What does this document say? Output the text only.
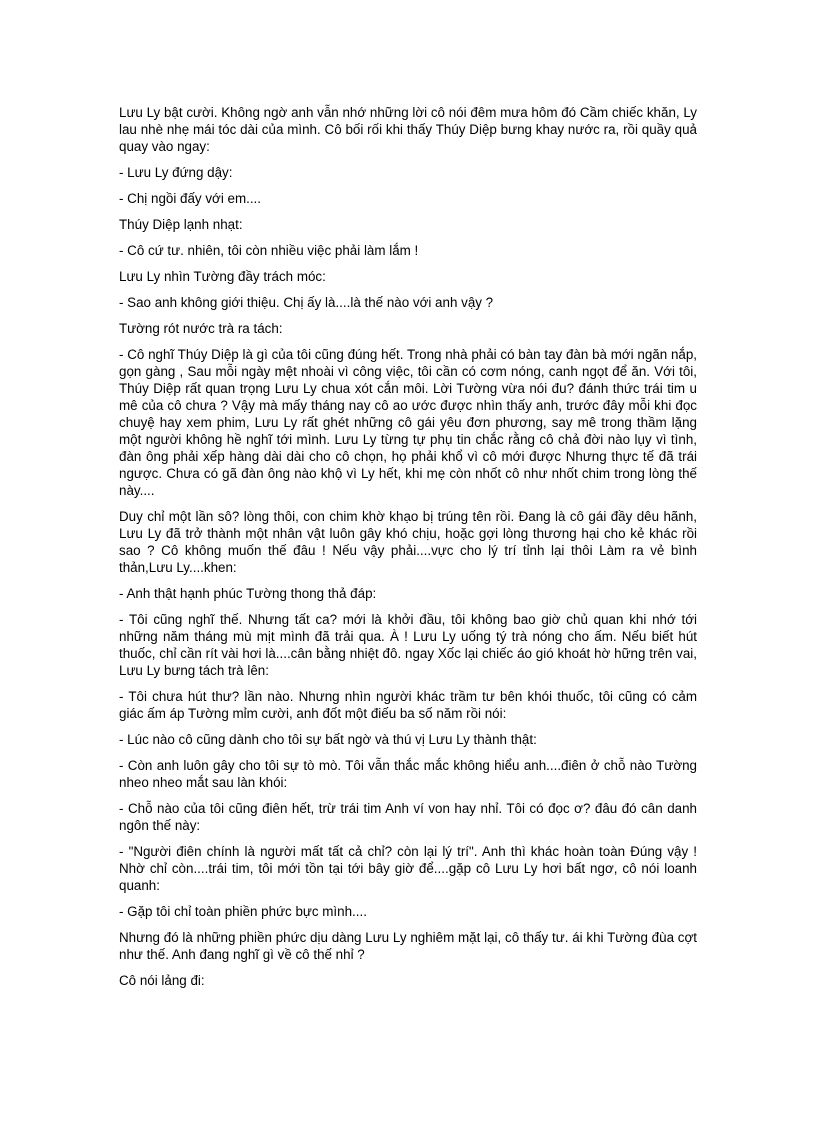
Lưu Ly bật cười. Không ngờ anh vẫn nhớ những lời cô nói đêm mưa hôm đó Cầm chiếc khăn, Ly lau nhè nhẹ mái tóc dài của mình. Cô bối rối khi thấy Thúy Diệp bưng khay nước ra, rồi quầy quả quay vào ngay:

- Lưu Ly đứng dậy:

- Chị ngồi đấy với em....

Thúy Diệp lạnh nhạt:

- Cô cứ tư. nhiên, tôi còn nhiều việc phải làm lắm !

Lưu Ly nhìn Tường đầy trách móc:

- Sao anh không giới thiệu. Chị ấy là....là thế nào với anh vậy ?

Tường rót nước trà ra tách:

- Cô nghĩ Thúy Diệp là gì của tôi cũng đúng hết. Trong nhà phải có bàn tay đàn bà mới ngăn nắp, gọn gàng , Sau mỗi ngày mệt nhoài vì công việc, tôi cần có cơm nóng, canh ngọt để ăn. Với tôi, Thúy Diệp rất quan trọng Lưu Ly chua xót cắn môi. Lời Tường vừa nói đu? đánh thức trái tim u mê của cô chưa ? Vậy mà mấy tháng nay cô ao ước được nhìn thấy anh, trước đây mỗi khi đọc chuyệ hay xem phim, Lưu Ly rất ghét những cô gái yêu đơn phương, say mê trong thầm lặng một người không hề nghĩ tới mình. Lưu Ly từng tự phụ tin chắc rằng cô chả đời nào lụy vì tình, đàn ông phải xếp hàng dài dài cho cô chọn, họ phải khổ vì cô mới được Nhưng thực tế đã trái ngược. Chưa có gã đàn ông nào khộ vì Ly hết, khi mẹ còn nhốt cô như nhốt chim trong lòng thế này....

Duy chỉ một lần sô? lòng thôi, con chim khờ khạo bị trúng tên rồi. Đang là cô gái đầy dêu hãnh, Lưu Ly đã trở thành một nhân vật luôn gây khó chịu, hoặc gợi lòng thương hại cho kẻ khác rồi sao ? Cô không muốn thế đâu ! Nếu vậy phải....vực cho lý trí tỉnh lại thôi Làm ra vẻ bình thản,Lưu Ly....khen:

- Anh thật hạnh phúc Tường thong thả đáp:

- Tôi cũng nghĩ thế. Nhưng tất ca? mới là khởi đầu, tôi không bao giờ chủ quan khi nhớ tới những năm tháng mù mịt mình đã trải qua. À ! Lưu Ly uống tý trà nóng cho ấm. Nếu biết hút thuốc, chỉ cần rít vài hơi là....cân bằng nhiệt đô. ngay Xốc lại chiếc áo gió khoát hờ hững trên vai, Lưu Ly bưng tách trà lên:

- Tôi chưa hút thư? lần nào. Nhưng nhìn người khác trầm tư bên khói thuốc, tôi cũng có cảm giác ấm áp Tường mỉm cười, anh đốt một điếu ba số năm rồi nói:

- Lúc nào cô cũng dành cho tôi sự bất ngờ và thú vị Lưu Ly thành thật:

- Còn anh luôn gây cho tôi sự tò mò. Tôi vẫn thắc mắc không hiểu anh....điên ở chỗ nào Tường nheo nheo mắt sau làn khói:

- Chỗ nào của tôi cũng điên hết, trừ trái tim Anh ví von hay nhỉ. Tôi có đọc ơ? đâu đó cân danh ngôn thế này:

- "Người điên chính là người mất tất cả chỉ? còn lại lý trí". Anh thì khác hoàn toàn Đúng vậy ! Nhờ chỉ còn....trái tim, tôi mới tồn tại tới bây giờ để....gặp cô Lưu Ly hơi bất ngơ, cô nói loanh quanh:

- Gặp tôi chỉ toàn phiền phức bực mình....

Nhưng đó là những phiền phức dịu dàng Lưu Ly nghiêm mặt lại, cô thấy tư. ái khi Tường đùa cợt như thế. Anh đang nghĩ gì về cô thế nhỉ ?

Cô nói lảng đi:
